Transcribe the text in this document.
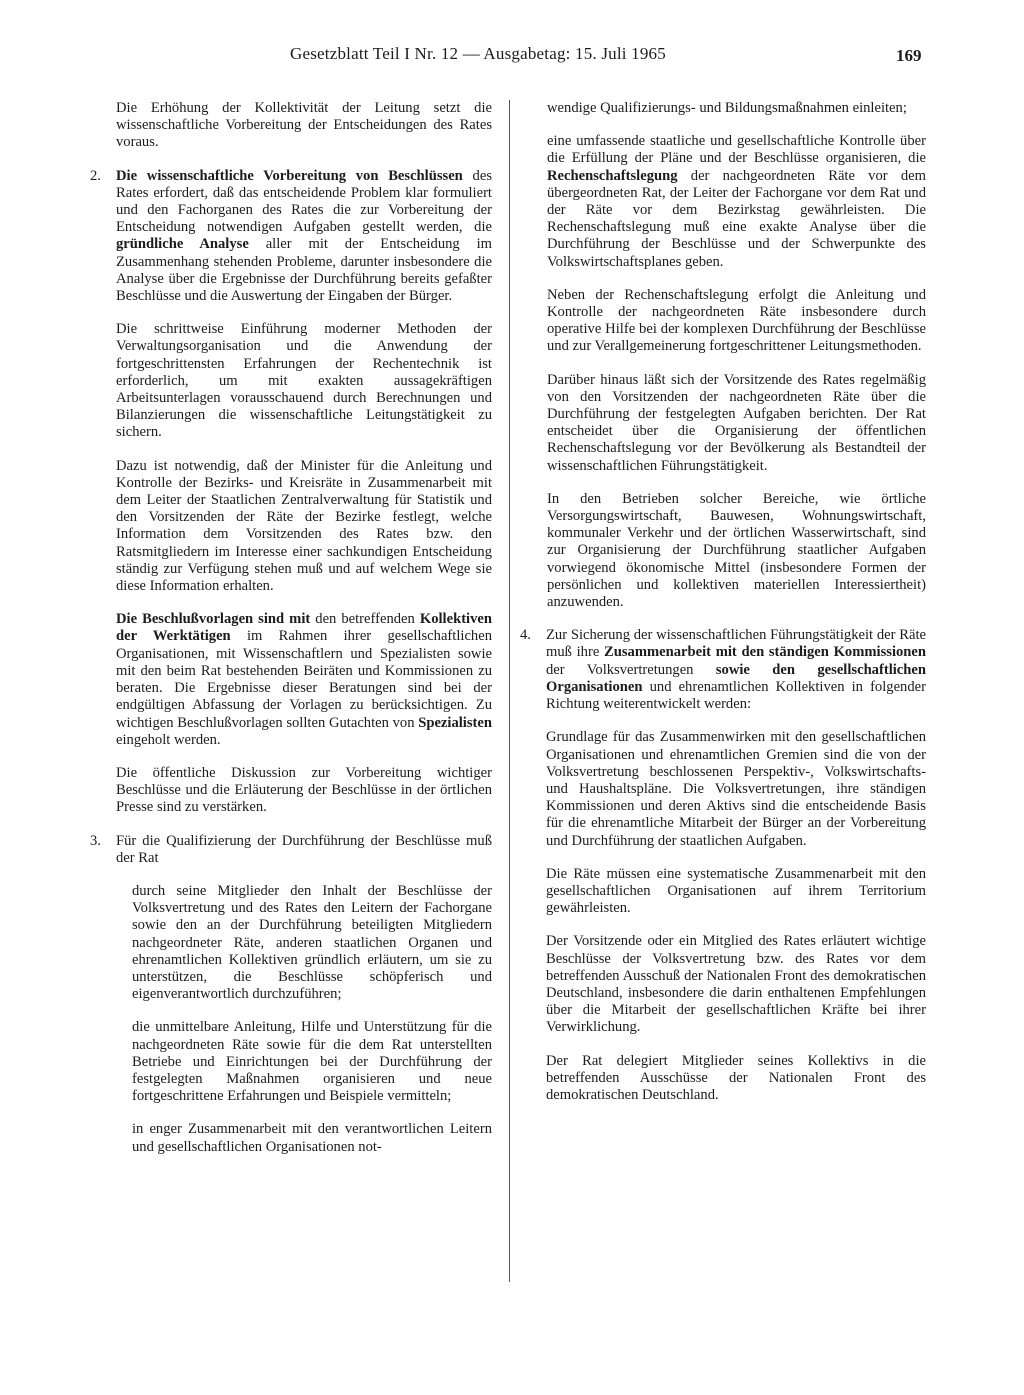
Gesetzblatt Teil I Nr. 12 — Ausgabetag: 15. Juli 1965	169

Die Erhöhung der Kollektivität der Leitung setzt die wissenschaftliche Vorbereitung der Entscheidungen des Rates voraus.

2. Die wissenschaftliche Vorbereitung von Beschlüssen des Rates erfordert, daß das entscheidende Problem klar formuliert und den Fachorganen des Rates die zur Vorbereitung der Entscheidung notwendigen Aufgaben gestellt werden, die gründliche Analyse aller mit der Entscheidung im Zusammenhang stehenden Probleme, darunter insbesondere die Analyse über die Ergebnisse der Durchführung bereits gefaßter Beschlüsse und die Auswertung der Eingaben der Bürger.

Die schrittweise Einführung moderner Methoden der Verwaltungsorganisation und die Anwendung der fortgeschrittensten Erfahrungen der Rechentechnik ist erforderlich, um mit exakten aussagekräftigen Arbeitsunterlagen vorausschauend durch Berechnungen und Bilanzierungen die wissenschaftliche Leitungstätigkeit zu sichern.

Dazu ist notwendig, daß der Minister für die Anleitung und Kontrolle der Bezirks- und Kreisräte in Zusammenarbeit mit dem Leiter der Staatlichen Zentralverwaltung für Statistik und den Vorsitzenden der Räte der Bezirke festlegt, welche Information dem Vorsitzenden des Rates bzw. den Ratsmitgliedern im Interesse einer sachkundigen Entscheidung ständig zur Verfügung stehen muß und auf welchem Wege sie diese Information erhalten.

Die Beschlußvorlagen sind mit den betreffenden Kollektiven der Werktätigen im Rahmen ihrer gesellschaftlichen Organisationen, mit Wissenschaftlern und Spezialisten sowie mit den beim Rat bestehenden Beiräten und Kommissionen zu beraten. Die Ergebnisse dieser Beratungen sind bei der endgültigen Abfassung der Vorlagen zu berücksichtigen. Zu wichtigen Beschlußvorlagen sollten Gutachten von Spezialisten eingeholt werden.

Die öffentliche Diskussion zur Vorbereitung wichtiger Beschlüsse und die Erläuterung der Beschlüsse in der örtlichen Presse sind zu verstärken.

3. Für die Qualifizierung der Durchführung der Beschlüsse muß der Rat

durch seine Mitglieder den Inhalt der Beschlüsse der Volksvertretung und des Rates den Leitern der Fachorgane sowie den an der Durchführung beteiligten Mitgliedern nachgeordneter Räte, anderen staatlichen Organen und ehrenamtlichen Kollektiven gründlich erläutern, um sie zu unterstützen, die Beschlüsse schöpferisch und eigenverantwortlich durchzuführen;

die unmittelbare Anleitung, Hilfe und Unterstützung für die nachgeordneten Räte sowie für die dem Rat unterstellten Betriebe und Einrichtungen bei der Durchführung der festgelegten Maßnahmen organisieren und neue fortgeschrittene Erfahrungen und Beispiele vermitteln;

in enger Zusammenarbeit mit den verantwortlichen Leitern und gesellschaftlichen Organisationen not-

wendige Qualifizierungs- und Bildungsmaßnahmen einleiten;

eine umfassende staatliche und gesellschaftliche Kontrolle über die Erfüllung der Pläne und der Beschlüsse organisieren, die Rechenschaftslegung der nachgeordneten Räte vor dem übergeordneten Rat, der Leiter der Fachorgane vor dem Rat und der Räte vor dem Bezirkstag gewährleisten. Die Rechenschaftslegung muß eine exakte Analyse über die Durchführung der Beschlüsse und der Schwerpunkte des Volkswirtschaftsplanes geben.

Neben der Rechenschaftslegung erfolgt die Anleitung und Kontrolle der nachgeordneten Räte insbesondere durch operative Hilfe bei der komplexen Durchführung der Beschlüsse und zur Verallgemeinerung fortgeschrittener Leitungsmethoden.

Darüber hinaus läßt sich der Vorsitzende des Rates regelmäßig von den Vorsitzenden der nachgeordneten Räte über die Durchführung der festgelegten Aufgaben berichten. Der Rat entscheidet über die Organisierung der öffentlichen Rechenschaftslegung vor der Bevölkerung als Bestandteil der wissenschaftlichen Führungstätigkeit.

In den Betrieben solcher Bereiche, wie örtliche Versorgungswirtschaft, Bauwesen, Wohnungswirtschaft, kommunaler Verkehr und der örtlichen Wasserwirtschaft, sind zur Organisierung der Durchführung staatlicher Aufgaben vorwiegend ökonomische Mittel (insbesondere Formen der persönlichen und kollektiven materiellen Interessiertheit) anzuwenden.

4. Zur Sicherung der wissenschaftlichen Führungstätigkeit der Räte muß ihre Zusammenarbeit mit den ständigen Kommissionen der Volksvertretungen sowie den gesellschaftlichen Organisationen und ehrenamtlichen Kollektiven in folgender Richtung weiterentwickelt werden:

Grundlage für das Zusammenwirken mit den gesellschaftlichen Organisationen und ehrenamtlichen Gremien sind die von der Volksvertretung beschlossenen Perspektiv-, Volkswirtschafts- und Haushaltspläne. Die Volksvertretungen, ihre ständigen Kommissionen und deren Aktivs sind die entscheidende Basis für die ehrenamtliche Mitarbeit der Bürger an der Vorbereitung und Durchführung der staatlichen Aufgaben.

Die Räte müssen eine systematische Zusammenarbeit mit den gesellschaftlichen Organisationen auf ihrem Territorium gewährleisten.

Der Vorsitzende oder ein Mitglied des Rates erläutert wichtige Beschlüsse der Volksvertretung bzw. des Rates vor dem betreffenden Ausschuß der Nationalen Front des demokratischen Deutschland, insbesondere die darin enthaltenen Empfehlungen über die Mitarbeit der gesellschaftlichen Kräfte bei ihrer Verwirklichung.

Der Rat delegiert Mitglieder seines Kollektivs in die betreffenden Ausschüsse der Nationalen Front des demokratischen Deutschland.
